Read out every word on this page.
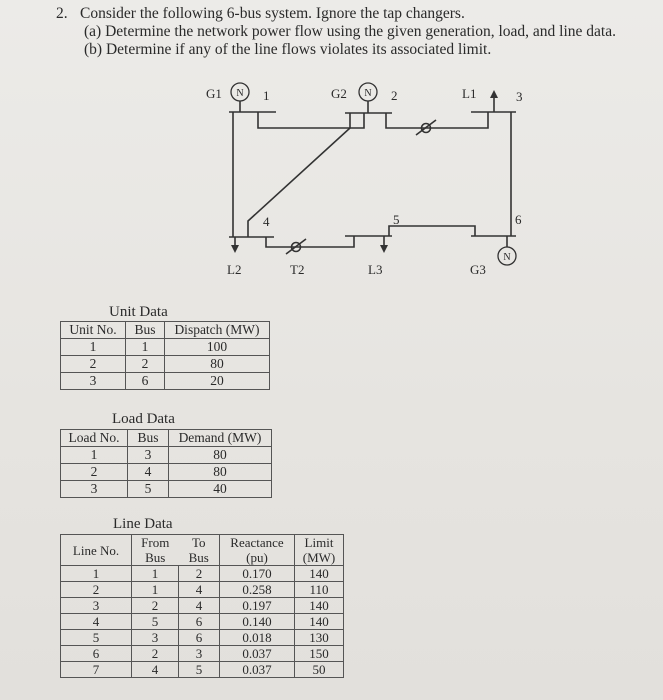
2. Consider the following 6-bus system. Ignore the tap changers.
(a) Determine the network power flow using the given generation, load, and line data.
(b) Determine if any of the line flows violates its associated limit.
N	N
N
G1	1	G2	2	L1	3
4	5	6
L2	T2	L3	G3
Unit Data
Unit No.	Bus	Dispatch (MW)
1	1	100
2	2	80
3	6	20
Load Data
Load No.	Bus	Demand (MW)
1	3	80
2	4	80
3	5	40
Line Data
Line No.	From	To	Reactance	Limit
	Bus	Bus	(pu)	(MW)
1	1	2	0.170	140
2	1	4	0.258	110
3	2	4	0.197	140
4	5	6	0.140	140
5	3	6	0.018	130
6	2	3	0.037	150
7	4	5	0.037	50
